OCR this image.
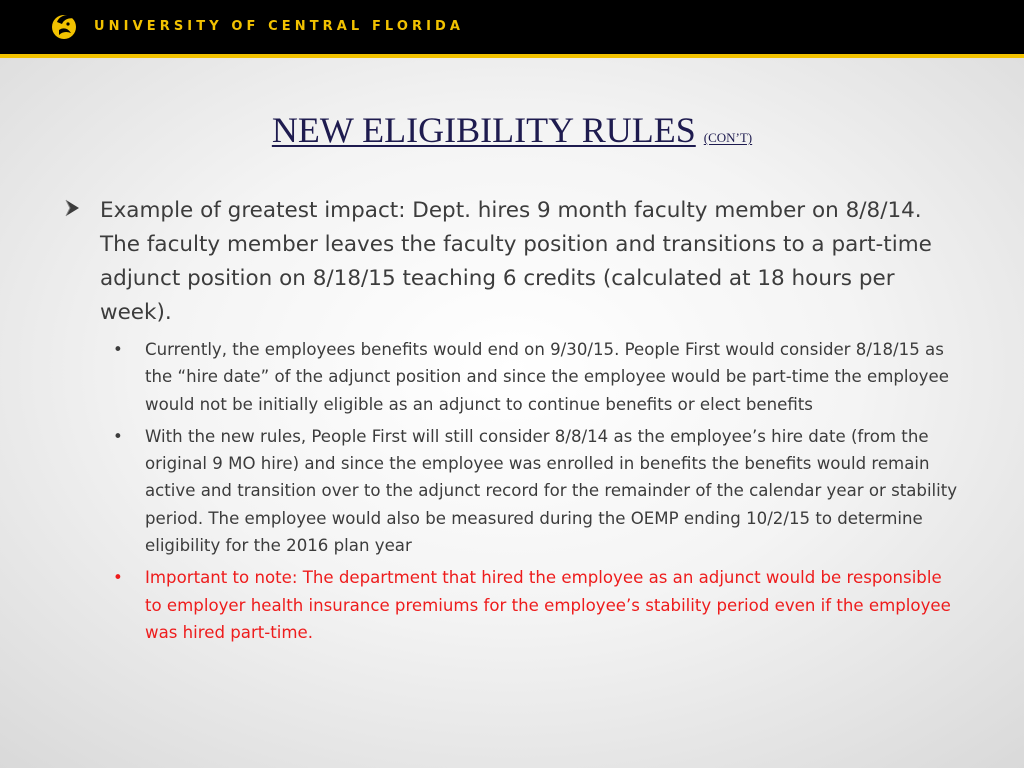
UNIVERSITY OF CENTRAL FLORIDA
NEW ELIGIBILITY RULES (CON’T)
Example of greatest impact: Dept. hires 9 month faculty member on 8/8/14. The faculty member leaves the faculty position and transitions to a part-time adjunct position on 8/18/15 teaching 6 credits (calculated at 18 hours per week).
• Currently, the employees benefits would end on 9/30/15. People First would consider 8/18/15 as the “hire date” of the adjunct position and since the employee would be part-time the employee would not be initially eligible as an adjunct to continue benefits or elect benefits
• With the new rules, People First will still consider 8/8/14 as the employee’s hire date (from the original 9 MO hire) and since the employee was enrolled in benefits the benefits would remain active and transition over to the adjunct record for the remainder of the calendar year or stability period. The employee would also be measured during the OEMP ending 10/2/15 to determine eligibility for the 2016 plan year
• Important to note: The department that hired the employee as an adjunct would be responsible to employer health insurance premiums for the employee’s stability period even if the employee was hired part-time.
